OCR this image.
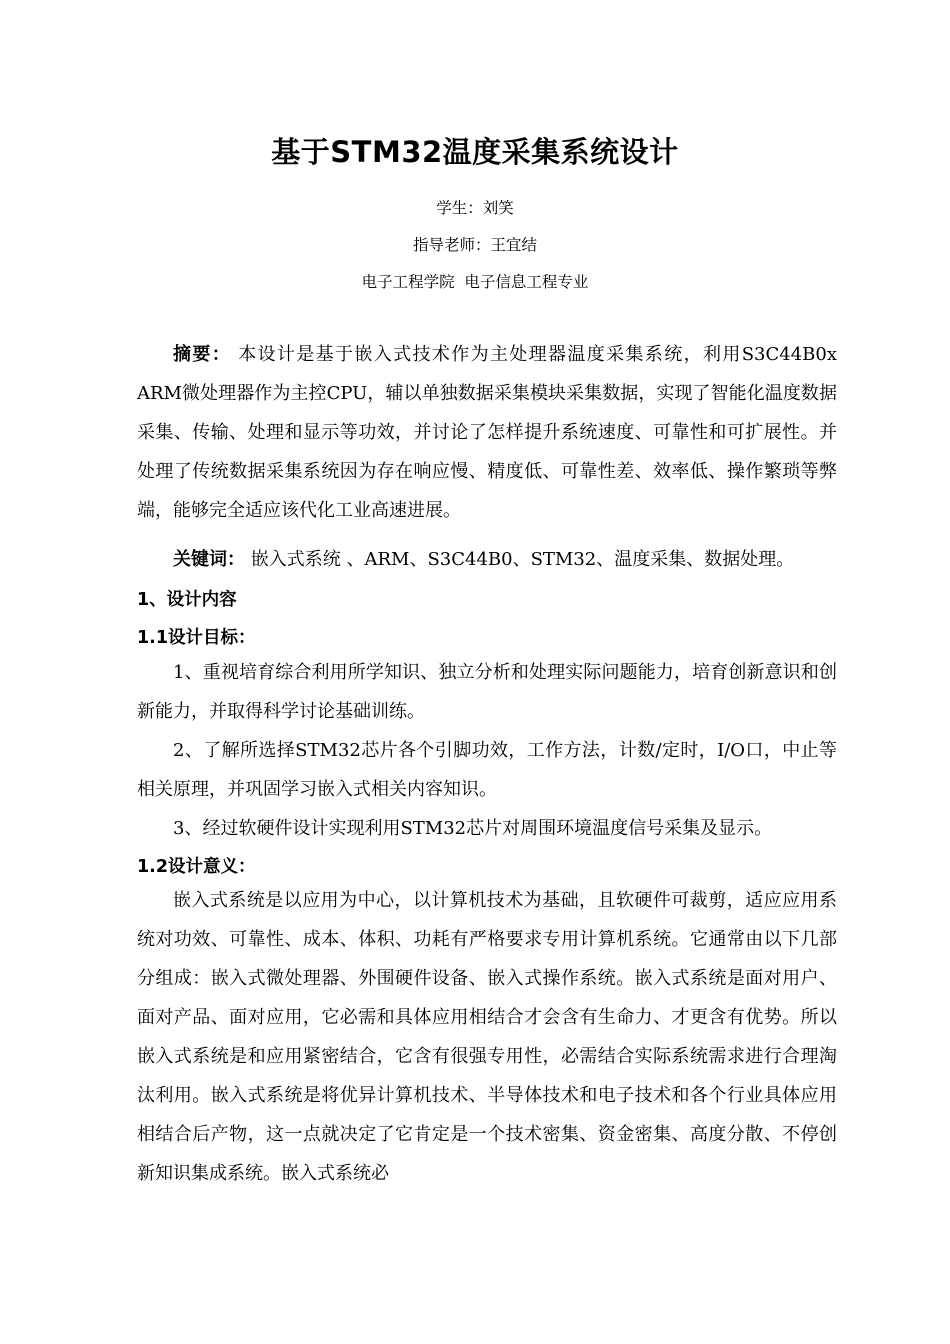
基于STM32温度采集系统设计
学生：刘笑
指导老师：王宜结
电子工程学院  电子信息工程专业
摘要： 本设计是基于嵌入式技术作为主处理器温度采集系统，利用S3C44B0x ARM微处理器作为主控CPU，辅以单独数据采集模块采集数据，实现了智能化温度数据采集、传输、处理和显示等功效，并讨论了怎样提升系统速度、可靠性和可扩展性。并处理了传统数据采集系统因为存在响应慢、精度低、可靠性差、效率低、操作繁琐等弊端，能够完全适应该代化工业高速进展。
关键词： 嵌入式系统 、ARM、S3C44B0、STM32、温度采集、数据处理。
1、设计内容
1.1设计目标：
1、重视培育综合利用所学知识、独立分析和处理实际问题能力，培育创新意识和创新能力，并取得科学讨论基础训练。
2、了解所选择STM32芯片各个引脚功效，工作方法，计数/定时，I/O口，中止等相关原理，并巩固学习嵌入式相关内容知识。
3、经过软硬件设计实现利用STM32芯片对周围环境温度信号采集及显示。
1.2设计意义：
嵌入式系统是以应用为中心，以计算机技术为基础，且软硬件可裁剪，适应应用系统对功效、可靠性、成本、体积、功耗有严格要求专用计算机系统。它通常由以下几部分组成：嵌入式微处理器、外围硬件设备、嵌入式操作系统。嵌入式系统是面对用户、面对产品、面对应用，它必需和具体应用相结合才会含有生命力、才更含有优势。所以嵌入式系统是和应用紧密结合，它含有很强专用性，必需结合实际系统需求进行合理淘汰利用。嵌入式系统是将优异计算机技术、半导体技术和电子技术和各个行业具体应用相结合后产物，这一点就决定了它肯定是一个技术密集、资金密集、高度分散、不停创新知识集成系统。嵌入式系统必
